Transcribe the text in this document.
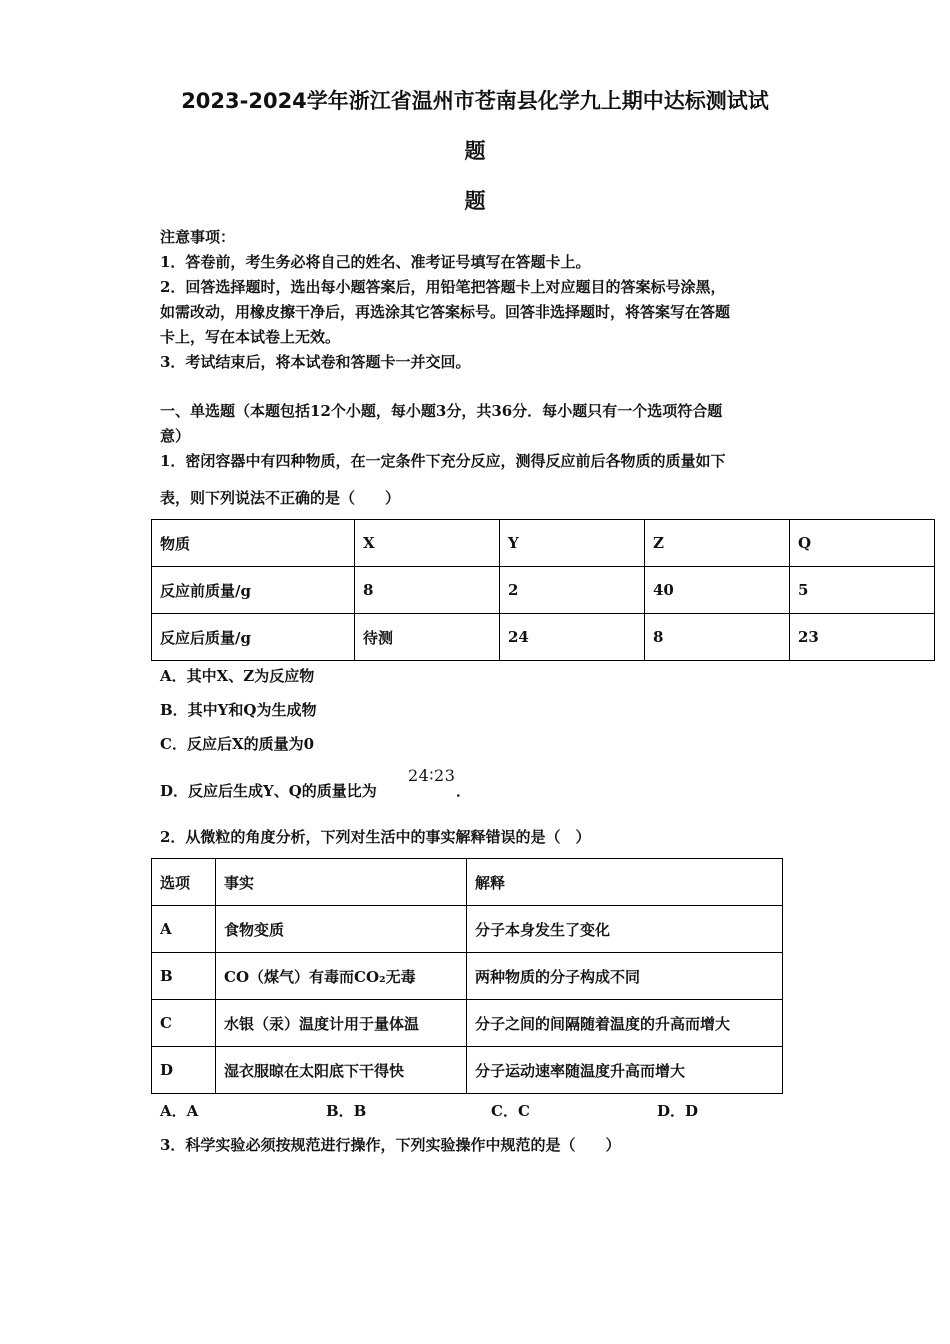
2023-2024学年浙江省温州市苍南县化学九上期中达标测试试
题
题

注意事项：

1．答卷前，考生务必将自己的姓名、准考证号填写在答题卡上。

2．回答选择题时，选出每小题答案后，用铅笔把答题卡上对应题目的答案标号涂黑，

如需改动，用橡皮擦干净后，再选涂其它答案标号。回答非选择题时，将答案写在答题

卡上，写在本试卷上无效。

3．考试结束后，将本试卷和答题卡一并交回。

一、单选题（本题包括12个小题，每小题3分，共36分．每小题只有一个选项符合题

意）

1．密闭容器中有四种物质，在一定条件下充分反应，测得反应前后各物质的质量如下

表，则下列说法不正确的是（　　）

物质	X	Y	Z	Q
反应前质量/g	8	2	40	5
反应后质量/g	待测	24	8	23

A．其中X、Z为反应物

B．其中Y和Q为生成物

C．反应后X的质量为0

D．反应后生成Y、Q的质量比为

24∶23

．

2．从微粒的角度分析，下列对生活中的事实解释错误的是（　）

选项	事实	解释
A	食物变质	分子本身发生了变化
B	CO（煤气）有毒而CO₂无毒	两种物质的分子构成不同
C	水银（汞）温度计用于量体温	分子之间的间隔随着温度的升高而增大
D	湿衣服晾在太阳底下干得快	分子运动速率随温度升高而增大
A．A	B．B	C．C	D．D

3．科学实验必须按规范进行操作，下列实验操作中规范的是（　　）
